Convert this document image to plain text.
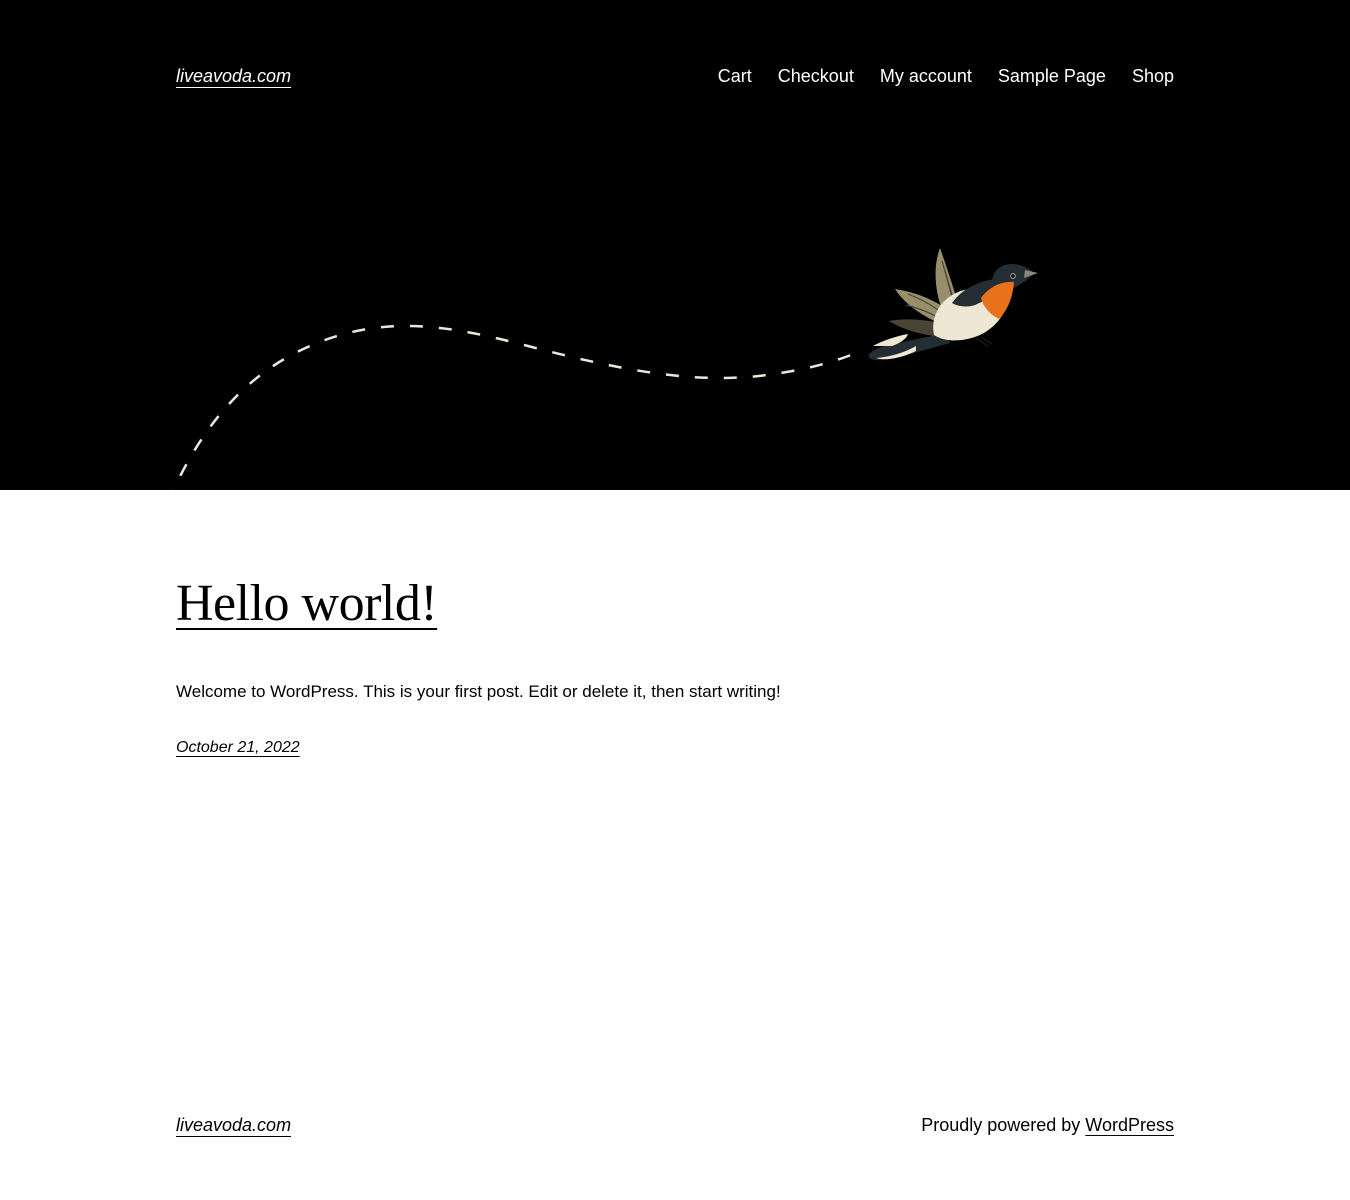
liveavoda.com	Cart Checkout My account Sample Page Shop
Hello world!

Welcome to WordPress. This is your first post. Edit or delete it, then start writing!

October 21, 2022

liveavoda.com	Proudly powered by WordPress
